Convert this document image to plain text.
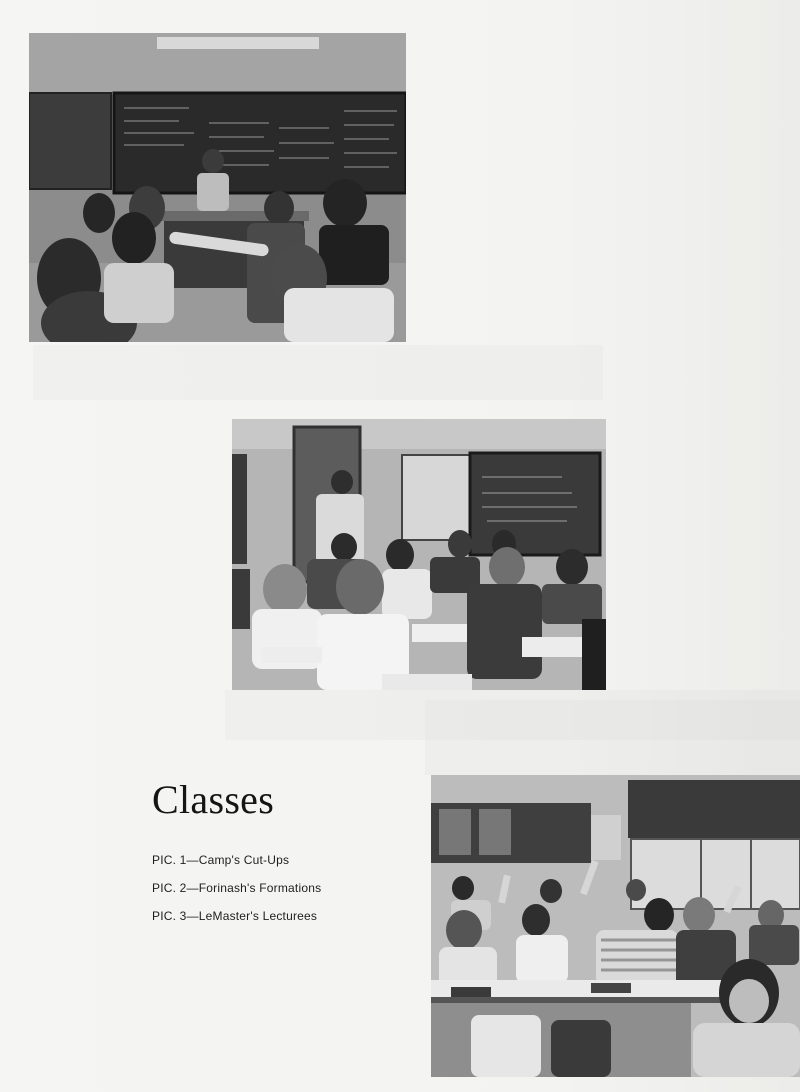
Classes
PIC. 1—Camp's Cut-Ups
PIC. 2—Forinash's Formations
PIC. 3—LeMaster's Lecturees
